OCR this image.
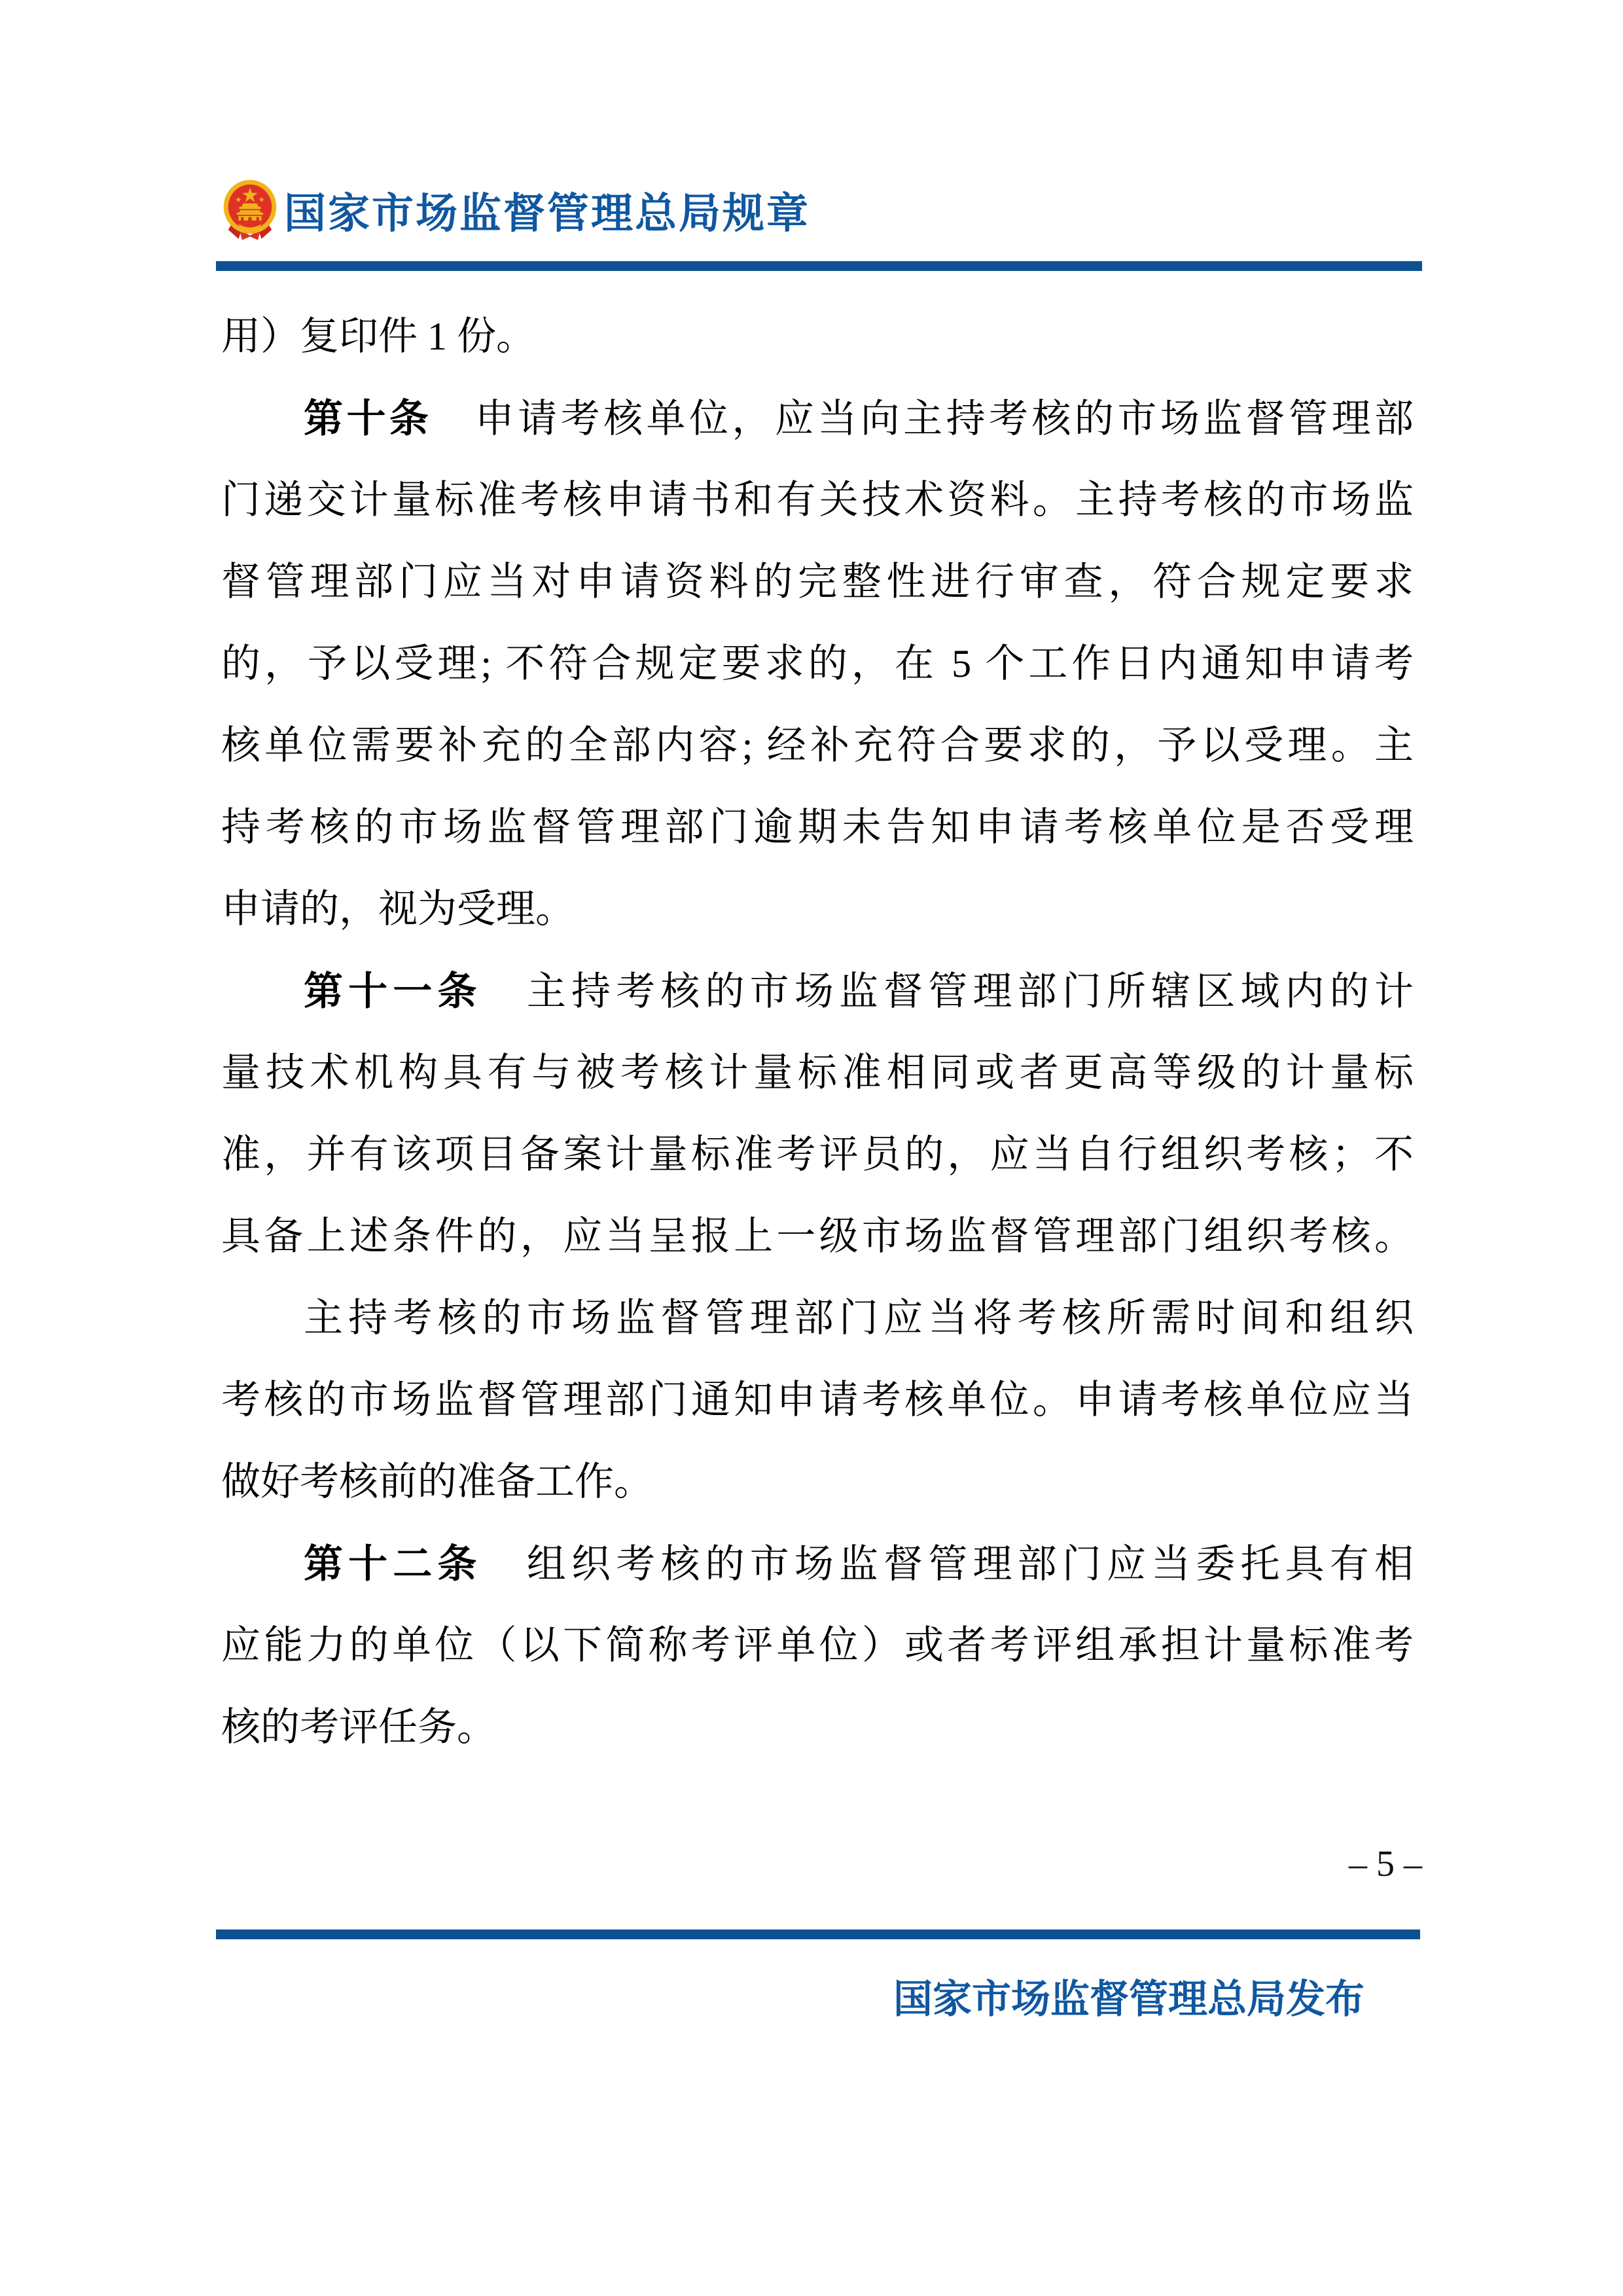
国家市场监督管理总局规章
用）复印件 1 份。
第十条　申请考核单位，应当向主持考核的市场监督管理部
门递交计量标准考核申请书和有关技术资料。主持考核的市场监
督管理部门应当对申请资料的完整性进行审查，符合规定要求
的，予以受理; 不符合规定要求的，在 5 个工作日内通知申请考
核单位需要补充的全部内容; 经补充符合要求的，予以受理。主
持考核的市场监督管理部门逾期未告知申请考核单位是否受理
申请的，视为受理。
第十一条　主持考核的市场监督管理部门所辖区域内的计
量技术机构具有与被考核计量标准相同或者更高等级的计量标
准，并有该项目备案计量标准考评员的，应当自行组织考核；不
具备上述条件的，应当呈报上一级市场监督管理部门组织考核。
主持考核的市场监督管理部门应当将考核所需时间和组织
考核的市场监督管理部门通知申请考核单位。申请考核单位应当
做好考核前的准备工作。
第十二条　组织考核的市场监督管理部门应当委托具有相
应能力的单位（以下简称考评单位）或者考评组承担计量标准考
核的考评任务。
– 5 –
国家市场监督管理总局发布
